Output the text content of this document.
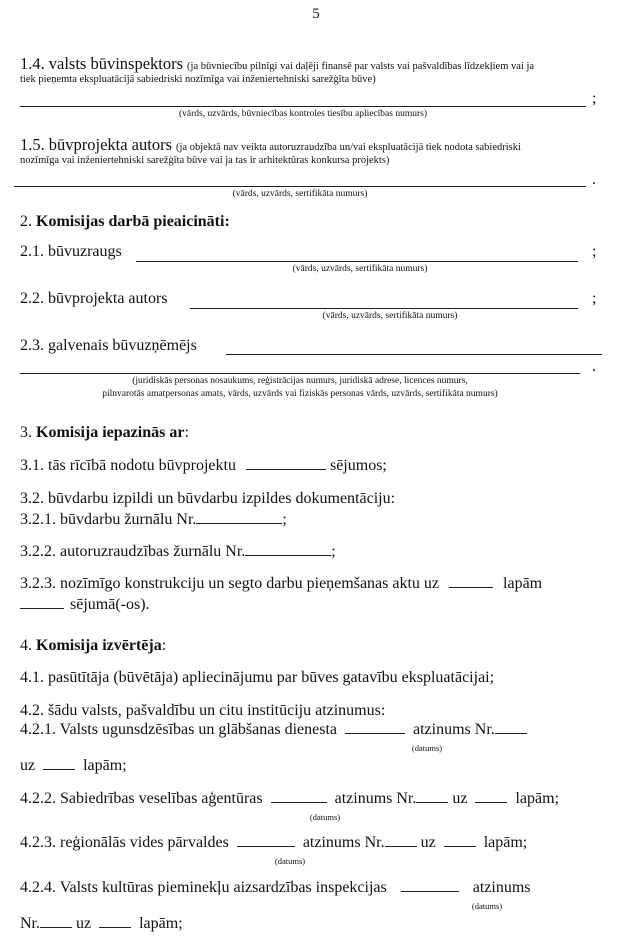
5
1.4. valsts būvinspektors (ja būvniecību pilnīgi vai daļēji finansē par valsts vai pašvaldības līdzekļiem vai ja
tiek pieņemta ekspluatācijā sabiedriski nozīmīga vai inženiertehniski sarežģīta būve)
;
(vārds, uzvārds, būvniecības kontroles tiesību apliecības numurs)
1.5. būvprojekta autors (ja objektā nav veikta autoruzraudzība un/vai ekspluatācijā tiek nodota sabiedriski
nozīmīga vai inženiertehniski sarežģīta būve vai ja tas ir arhitektūras konkursa projekts)
.
(vārds, uzvārds, sertifikāta numurs)
2. Komisijas darbā pieaicināti:
2.1. būvuzraugs	;
(vārds, uzvārds, sertifikāta numurs)
2.2. būvprojekta autors	;
(vārds, uzvārds, sertifikāta numurs)
2.3. galvenais būvuzņēmējs
.
(juridiskās personas nosaukums, reģistrācijas numurs, juridiskā adrese, licences numurs,
pilnvarotās amatpersonas amats, vārds, uzvārds vai fiziskās personas vārds, uzvārds, sertifikāta numurs)
3. Komisija iepazinās ar:
3.1. tās rīcībā nodotu būvprojektu	sējumos;
3.2. būvdarbu izpildi un būvdarbu izpildes dokumentāciju:
3.2.1. būvdarbu žurnālu Nr.	;
3.2.2. autoruzraudzības žurnālu Nr.	;
3.2.3. nozīmīgo konstrukciju un segto darbu pieņemšanas aktu uz	lapām
sējumā(-os).
4. Komisija izvērtēja:
4.1. pasūtītāja (būvētāja) apliecinājumu par būves gatavību ekspluatācijai;
4.2. šādu valsts, pašvaldību un citu institūciju atzinumus:
4.2.1. Valsts ugunsdzēsības un glābšanas dienesta	atzinums Nr.
(datums)
uz	lapām;
4.2.2. Sabiedrības veselības aģentūras	atzinums Nr. uz	lapām;
(datums)
4.2.3. reģionālās vides pārvaldes	atzinums Nr. uz	lapām;
(datums)
4.2.4. Valsts kultūras pieminekļu aizsardzības inspekcijas	atzinums
(datums)
Nr. uz	lapām;
